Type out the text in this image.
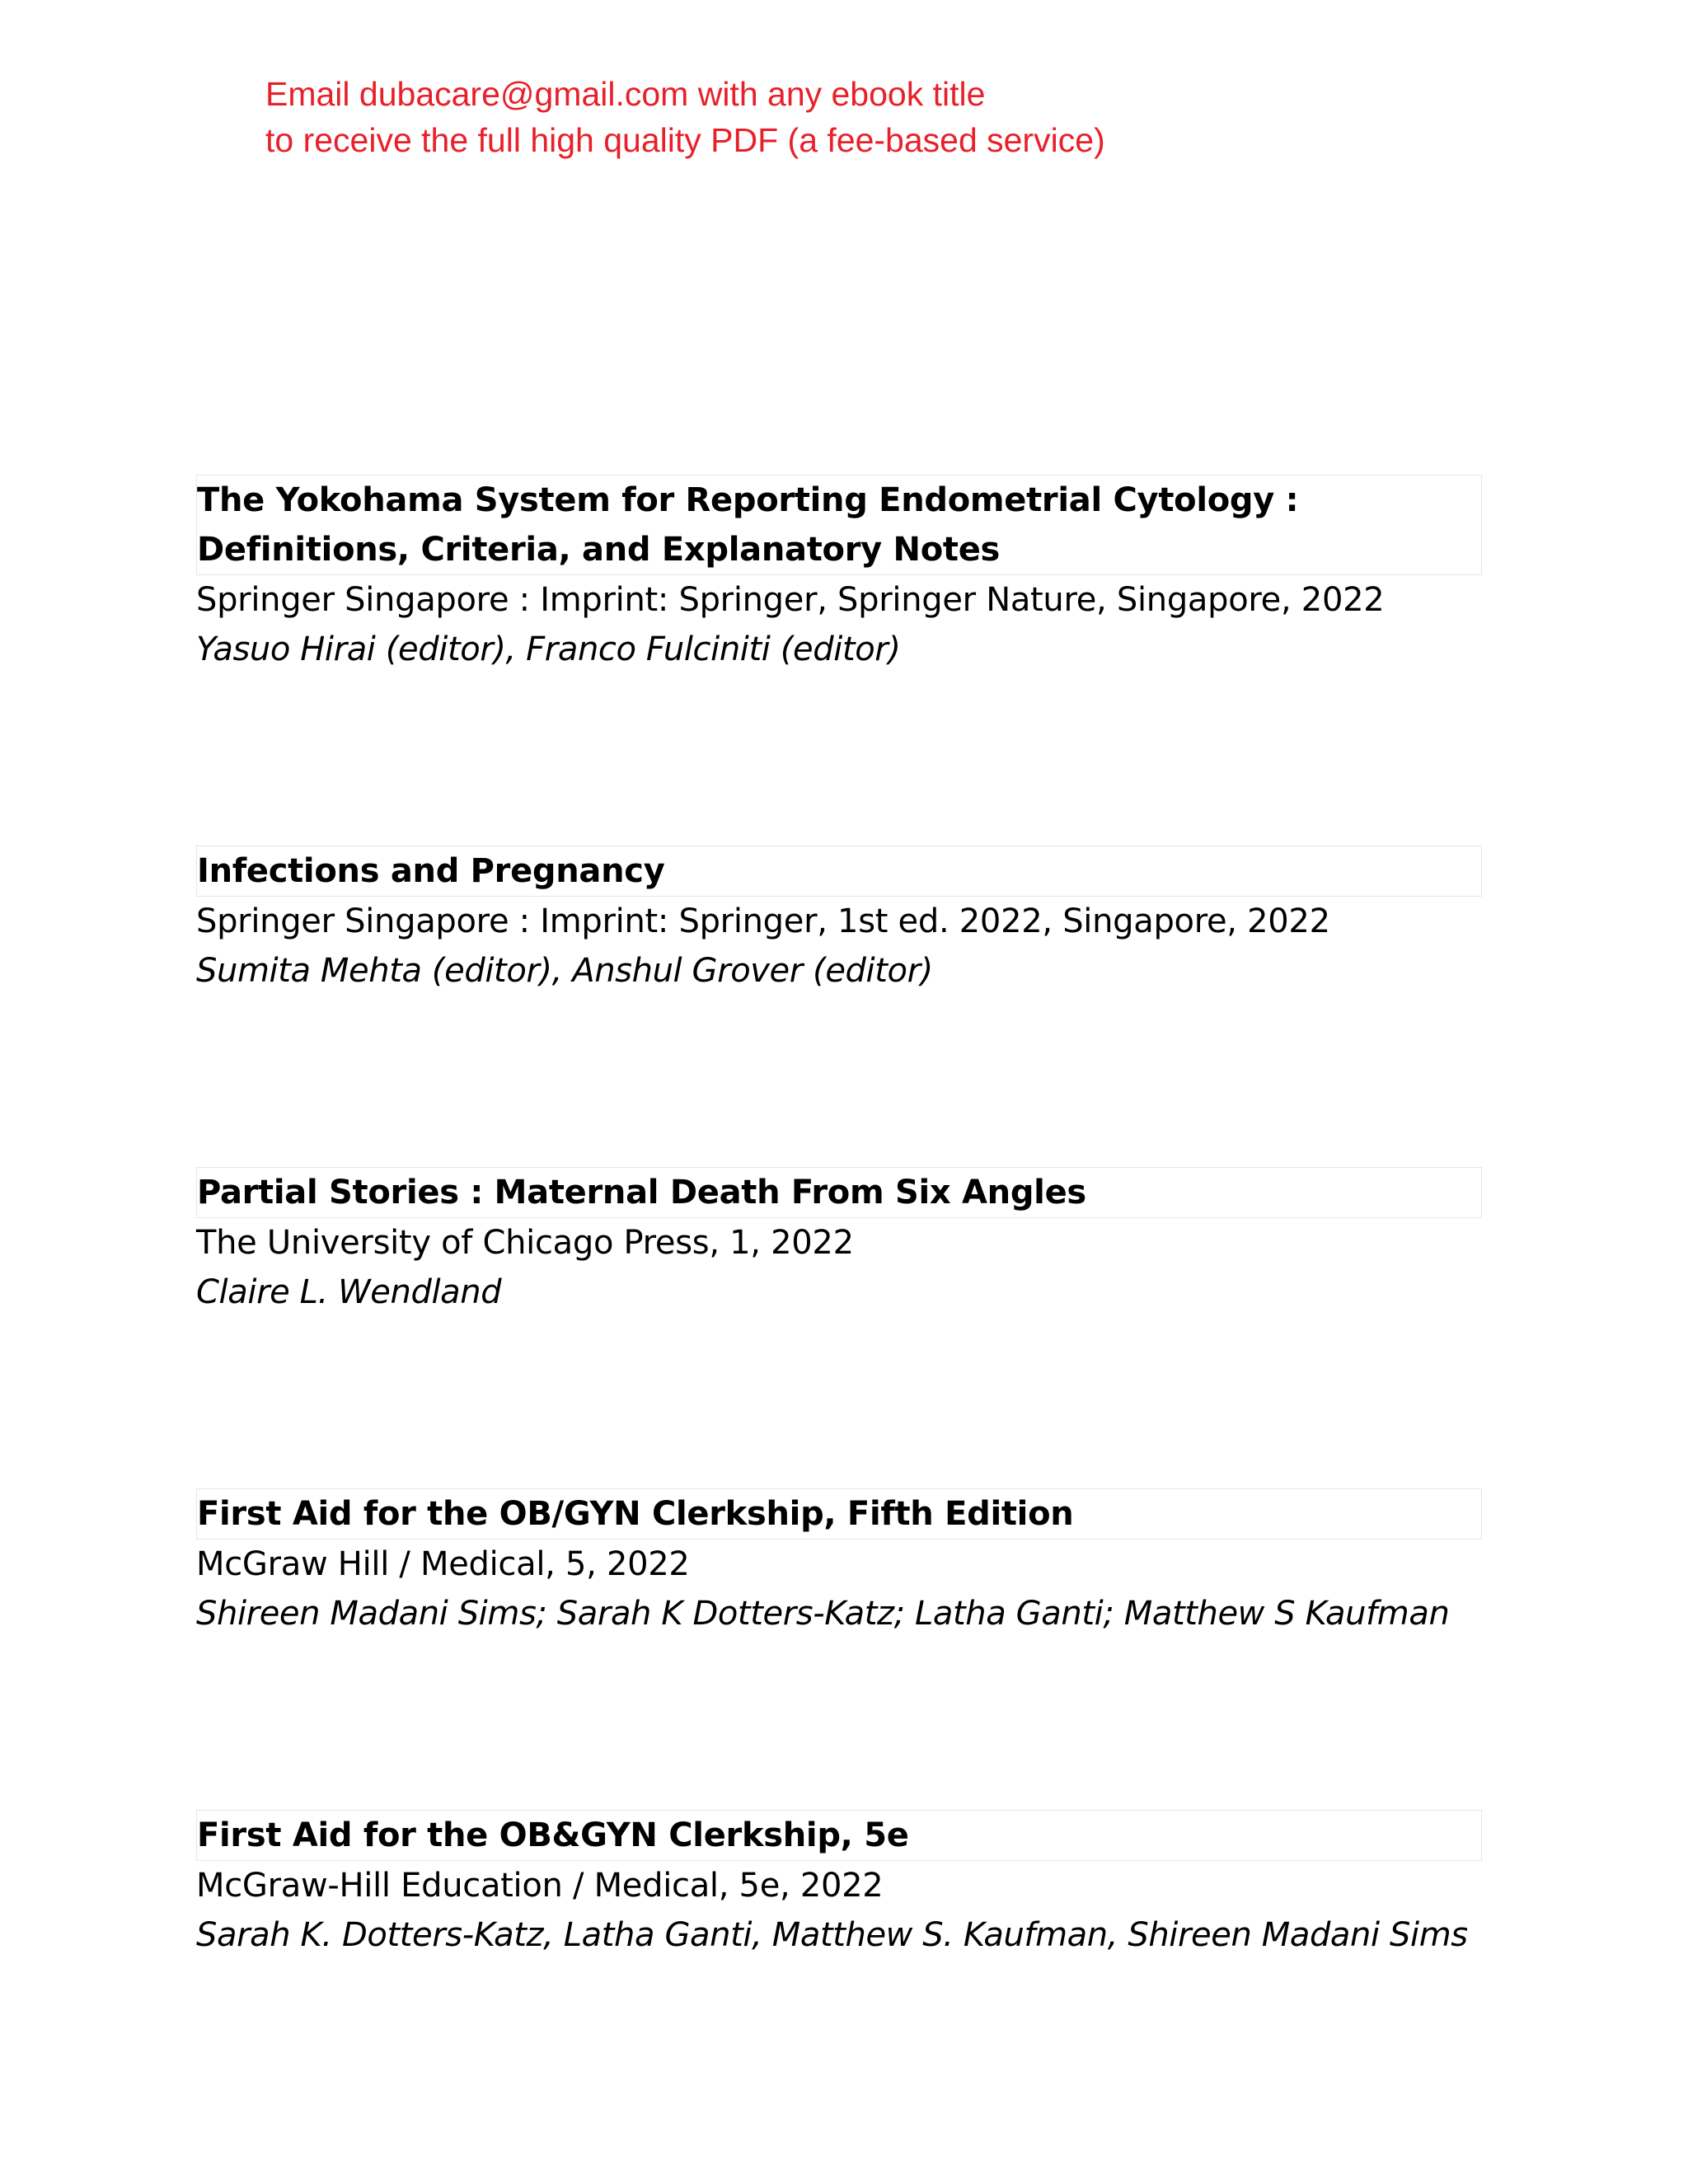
Email dubacare@gmail.com with any ebook title
to receive the full high quality PDF (a fee-based service)
The Yokohama System for Reporting Endometrial Cytology : Definitions, Criteria, and Explanatory Notes
Springer Singapore : Imprint: Springer, Springer Nature, Singapore, 2022
Yasuo Hirai (editor), Franco Fulciniti (editor)
Infections and Pregnancy
Springer Singapore : Imprint: Springer, 1st ed. 2022, Singapore, 2022
Sumita Mehta (editor), Anshul Grover (editor)
Partial Stories : Maternal Death From Six Angles
The University of Chicago Press, 1, 2022
Claire L. Wendland
First Aid for the OB/GYN Clerkship, Fifth Edition
McGraw Hill / Medical, 5, 2022
Shireen Madani Sims; Sarah K Dotters-Katz; Latha Ganti; Matthew S Kaufman
First Aid for the OB&GYN Clerkship, 5e
McGraw-Hill Education / Medical, 5e, 2022
Sarah K. Dotters-Katz, Latha Ganti, Matthew S. Kaufman, Shireen Madani Sims
